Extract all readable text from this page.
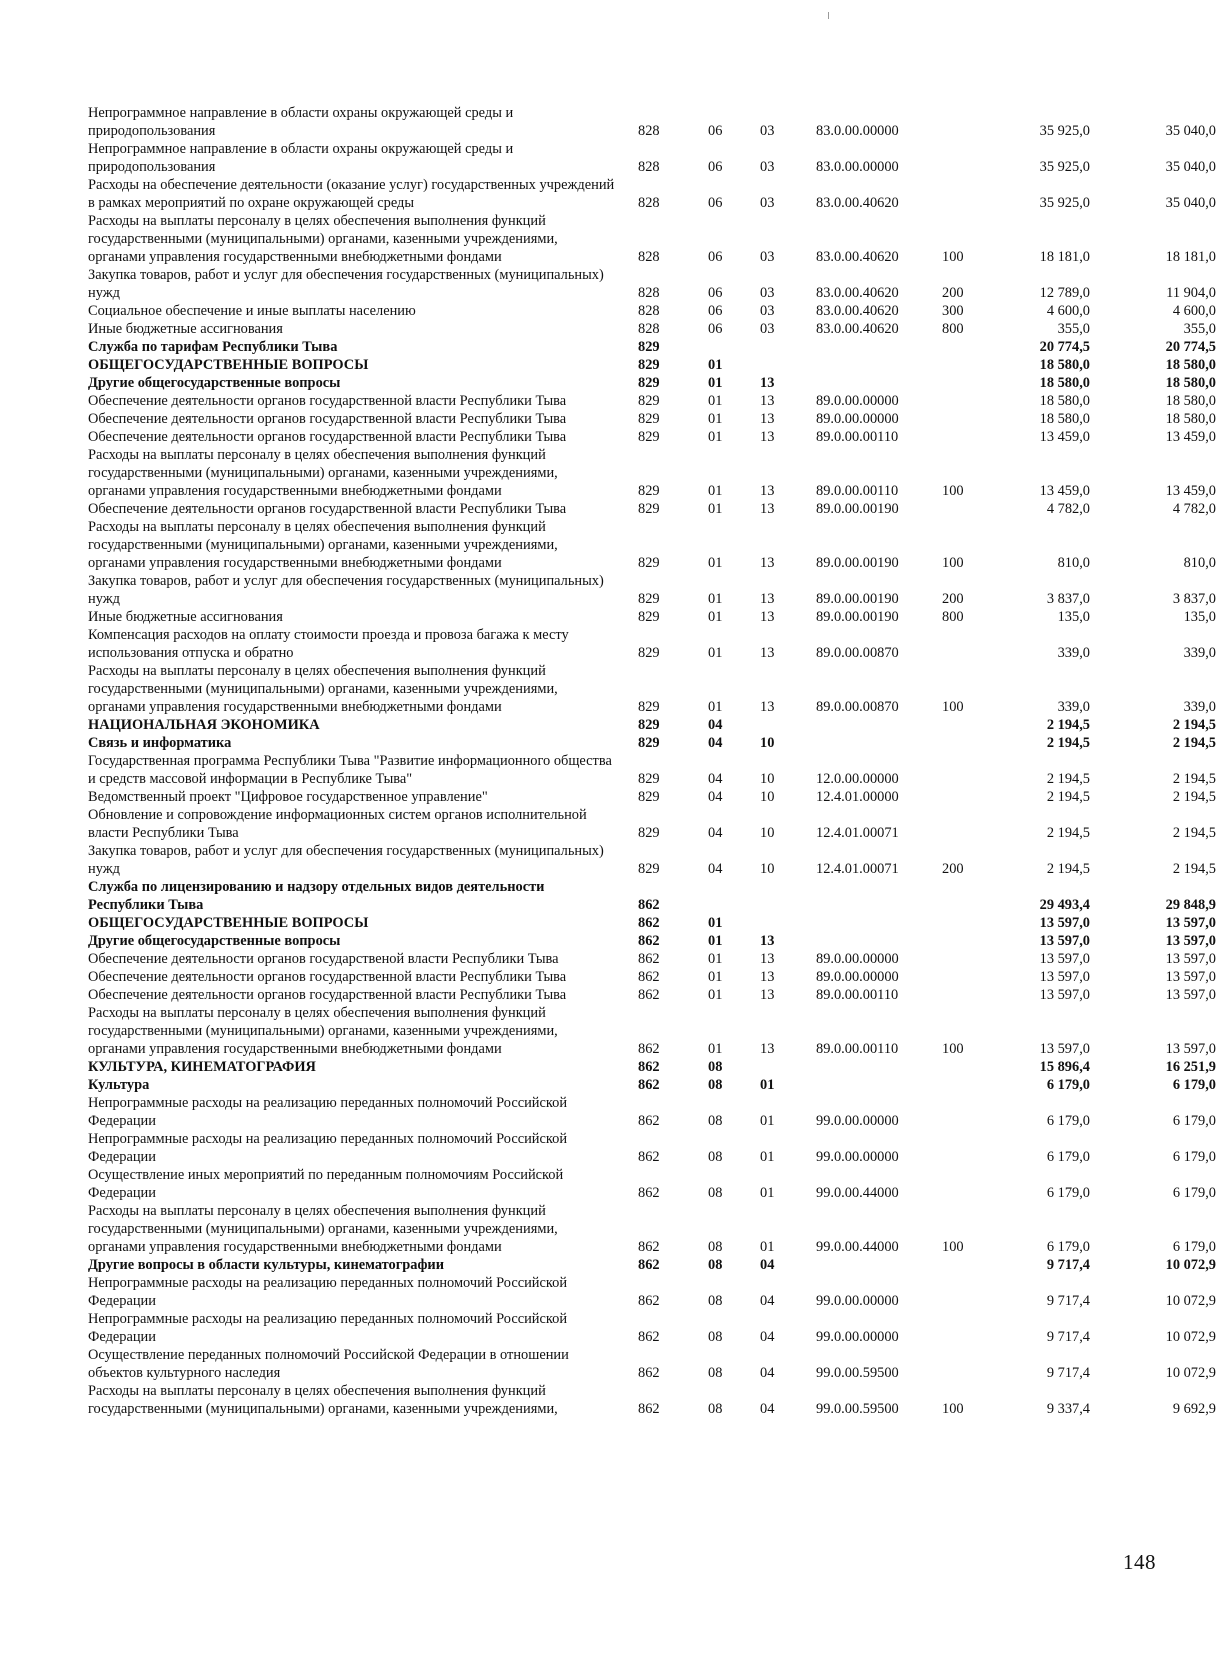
Непрограммное направление в области охраны окружающей среды и природопользования	828	06	03	83.0.00.00000		35 925,0	35 040,0
Непрограммное направление в области охраны окружающей среды и природопользования	828	06	03	83.0.00.00000		35 925,0	35 040,0
Расходы на обеспечение деятельности (оказание услуг) государственных учреждений в рамках мероприятий по охране окружающей среды	828	06	03	83.0.00.40620		35 925,0	35 040,0
Расходы на выплаты персоналу в целях обеспечения выполнения функций государственными (муниципальными) органами, казенными учреждениями, органами управления государственными внебюджетными фондами	828	06	03	83.0.00.40620	100	18 181,0	18 181,0
Закупка товаров, работ и услуг для обеспечения государственных (муниципальных) нужд	828	06	03	83.0.00.40620	200	12 789,0	11 904,0
Социальное обеспечение и иные выплаты населению	828	06	03	83.0.00.40620	300	4 600,0	4 600,0
Иные бюджетные ассигнования	828	06	03	83.0.00.40620	800	355,0	355,0
Служба по тарифам Республики Тыва	829					20 774,5	20 774,5
ОБЩЕГОСУДАРСТВЕННЫЕ ВОПРОСЫ	829	01				18 580,0	18 580,0
Другие общегосударственные вопросы	829	01	13			18 580,0	18 580,0
Обеспечение деятельности органов государственной власти Республики Тыва	829	01	13	89.0.00.00000		18 580,0	18 580,0
Обеспечение деятельности органов государственной власти Республики Тыва	829	01	13	89.0.00.00000		18 580,0	18 580,0
Обеспечение деятельности органов государственной власти Республики Тыва	829	01	13	89.0.00.00110		13 459,0	13 459,0
Расходы на выплаты персоналу в целях обеспечения выполнения функций государственными (муниципальными) органами, казенными учреждениями, органами управления государственными внебюджетными фондами	829	01	13	89.0.00.00110	100	13 459,0	13 459,0
Обеспечение деятельности органов государственной власти Республики Тыва	829	01	13	89.0.00.00190		4 782,0	4 782,0
Расходы на выплаты персоналу в целях обеспечения выполнения функций государственными (муниципальными) органами, казенными учреждениями, органами управления государственными внебюджетными фондами	829	01	13	89.0.00.00190	100	810,0	810,0
Закупка товаров, работ и услуг для обеспечения государственных (муниципальных) нужд	829	01	13	89.0.00.00190	200	3 837,0	3 837,0
Иные бюджетные ассигнования	829	01	13	89.0.00.00190	800	135,0	135,0
Компенсация расходов на оплату стоимости проезда и провоза багажа к месту использования отпуска и обратно	829	01	13	89.0.00.00870		339,0	339,0
Расходы на выплаты персоналу в целях обеспечения выполнения функций государственными (муниципальными) органами, казенными учреждениями, органами управления государственными внебюджетными фондами	829	01	13	89.0.00.00870	100	339,0	339,0
НАЦИОНАЛЬНАЯ ЭКОНОМИКА	829	04				2 194,5	2 194,5
Связь и информатика	829	04	10			2 194,5	2 194,5
Государственная программа Республики Тыва "Развитие информационного общества и средств массовой информации в Республике Тыва"	829	04	10	12.0.00.00000		2 194,5	2 194,5
Ведомственный проект "Цифровое государственное управление"	829	04	10	12.4.01.00000		2 194,5	2 194,5
Обновление и сопровождение информационных систем органов исполнительной власти Республики Тыва	829	04	10	12.4.01.00071		2 194,5	2 194,5
Закупка товаров, работ и услуг для обеспечения государственных (муниципальных) нужд	829	04	10	12.4.01.00071	200	2 194,5	2 194,5
Служба по лицензированию и надзору отдельных видов деятельности Республики Тыва	862					29 493,4	29 848,9
ОБЩЕГОСУДАРСТВЕННЫЕ ВОПРОСЫ	862	01				13 597,0	13 597,0
Другие общегосударственные вопросы	862	01	13			13 597,0	13 597,0
Обеспечение деятельности органов государственой власти Республики Тыва	862	01	13	89.0.00.00000		13 597,0	13 597,0
Обеспечение деятельности органов государственной власти Республики Тыва	862	01	13	89.0.00.00000		13 597,0	13 597,0
Обеспечение деятельности органов государственной власти Республики Тыва	862	01	13	89.0.00.00110		13 597,0	13 597,0
Расходы на выплаты персоналу в целях обеспечения выполнения функций государственными (муниципальными) органами, казенными учреждениями, органами управления государственными внебюджетными фондами	862	01	13	89.0.00.00110	100	13 597,0	13 597,0
КУЛЬТУРА, КИНЕМАТОГРАФИЯ	862	08				15 896,4	16 251,9
Культура	862	08	01			6 179,0	6 179,0
Непрограммные расходы на реализацию переданных полномочий Российской Федерации	862	08	01	99.0.00.00000		6 179,0	6 179,0
Непрограммные расходы на реализацию переданных полномочий Российской Федерации	862	08	01	99.0.00.00000		6 179,0	6 179,0
Осуществление иных мероприятий по переданным полномочиям Российской Федерации	862	08	01	99.0.00.44000		6 179,0	6 179,0
Расходы на выплаты персоналу в целях обеспечения выполнения функций государственными (муниципальными) органами, казенными учреждениями, органами управления государственными внебюджетными фондами	862	08	01	99.0.00.44000	100	6 179,0	6 179,0
Другие вопросы в области культуры, кинематографии	862	08	04			9 717,4	10 072,9
Непрограммные расходы на реализацию переданных полномочий Российской Федерации	862	08	04	99.0.00.00000		9 717,4	10 072,9
Непрограммные расходы на реализацию переданных полномочий Российской Федерации	862	08	04	99.0.00.00000		9 717,4	10 072,9
Осуществление переданных полномочий Российской Федерации в отношении объектов культурного наследия	862	08	04	99.0.00.59500		9 717,4	10 072,9
Расходы на выплаты персоналу в целях обеспечения выполнения функций государственными (муниципальными) органами, казенными учреждениями,	862	08	04	99.0.00.59500	100	9 337,4	9 692,9
148
